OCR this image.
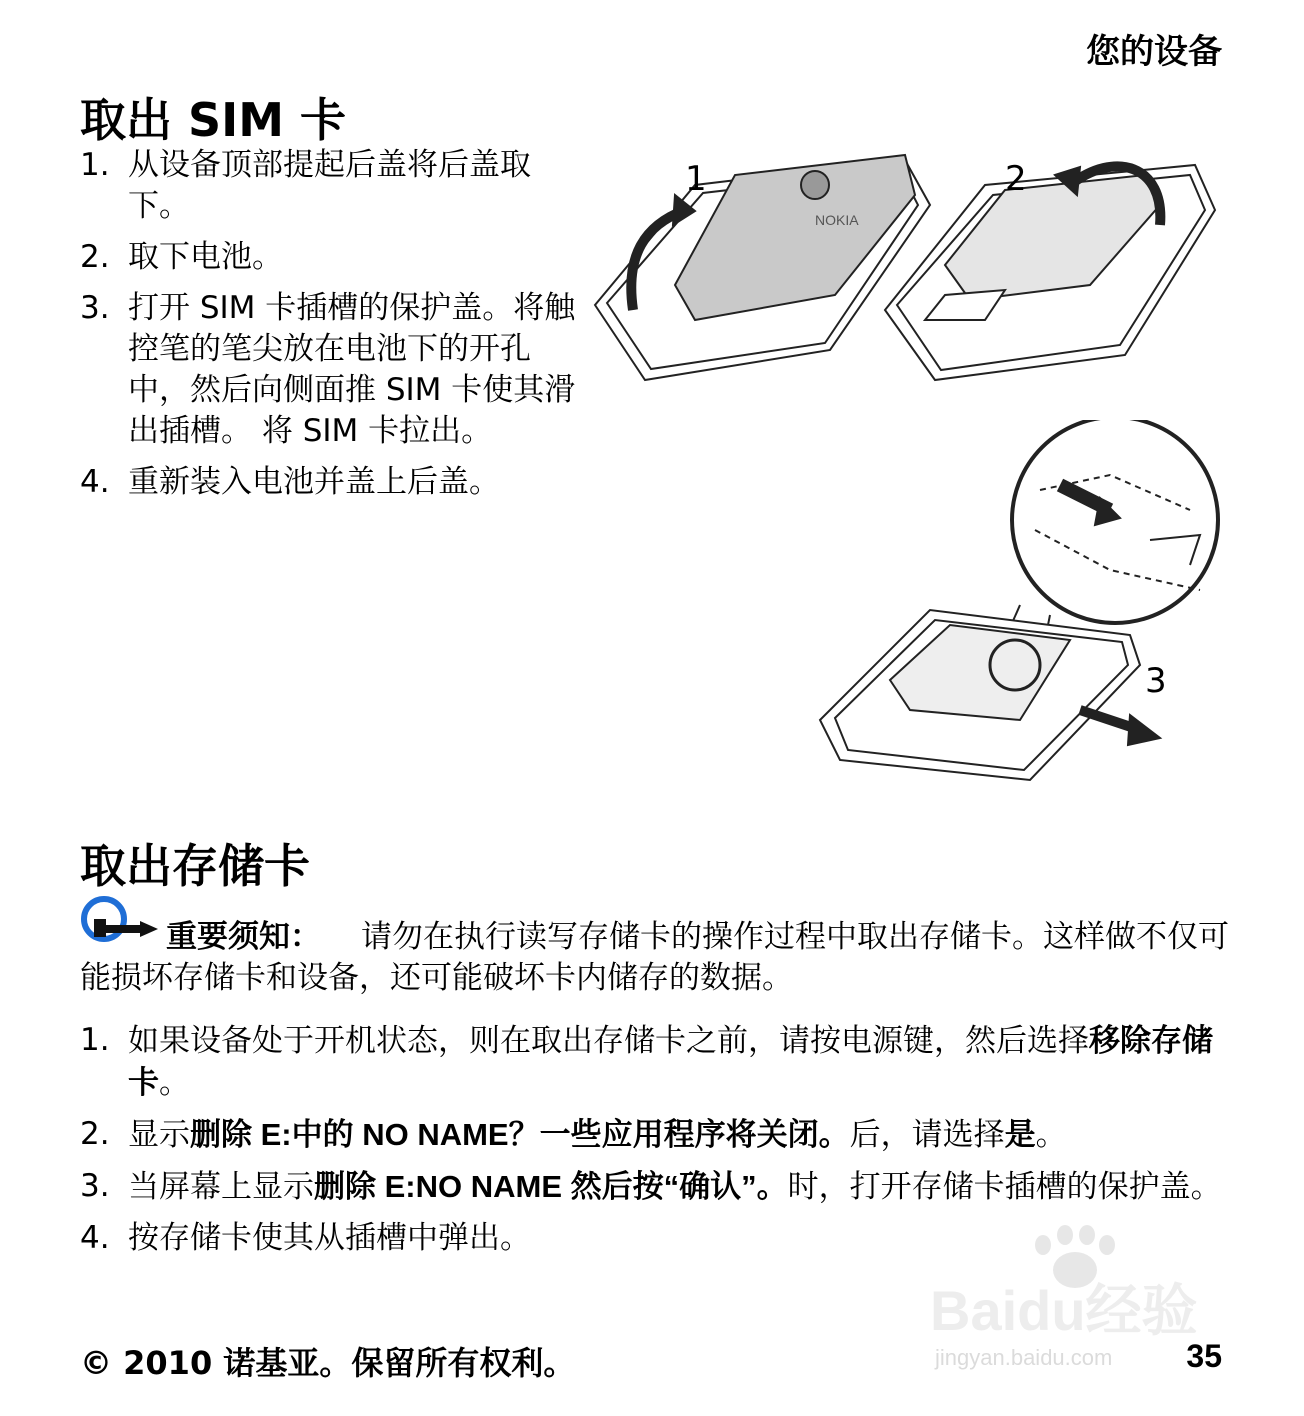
您的设备
取出 SIM 卡
1. 从设备顶部提起后盖将后盖取下。
2. 取下电池。
3. 打开 SIM 卡插槽的保护盖。将触控笔的笔尖放在电池下的开孔中，然后向侧面推 SIM 卡使其滑出插槽。 将 SIM 卡拉出。
4. 重新装入电池并盖上后盖。
NOKIA
1	2
3
取出存储卡
重要须知： 请勿在执行读写存储卡的操作过程中取出存储卡。这样做不仅可能损坏存储卡和设备，还可能破坏卡内储存的数据。
1. 如果设备处于开机状态，则在取出存储卡之前，请按电源键，然后选择移除存储卡。
2. 显示删除 E:中的 NO NAME？一些应用程序将关闭。后，请选择是。
3. 当屏幕上显示删除 E:NO NAME 然后按“确认”。时，打开存储卡插槽的保护盖。
4. 按存储卡使其从插槽中弹出。
Baidu经验
jingyan.baidu.com
© 2010 诺基亚。保留所有权利。	35
